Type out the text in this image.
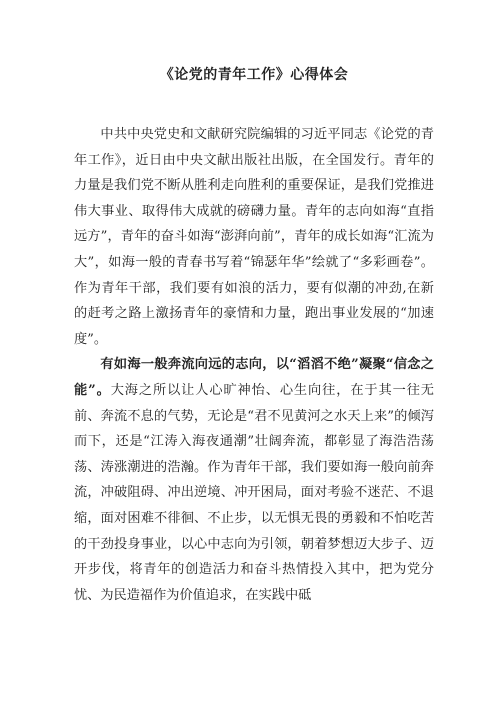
《论党的青年工作》心得体会

中共中央党史和文献研究院编辑的习近平同志《论党的青年工作》，近日由中央文献出版社出版，在全国发行。青年的力量是我们党不断从胜利走向胜利的重要保证，是我们党推进伟大事业、取得伟大成就的磅礴力量。青年的志向如海“直指远方”，青年的奋斗如海“澎湃向前”，青年的成长如海“汇流为大”，如海一般的青春书写着“锦瑟年华”绘就了“多彩画卷”。作为青年干部，我们要有如浪的活力，要有似潮的冲劲,在新的赶考之路上激扬青年的豪情和力量，跑出事业发展的“加速度”。

有如海一般奔流向远的志向，以“滔滔不绝”凝聚“信念之能”。大海之所以让人心旷神怡、心生向往，在于其一往无前、奔流不息的气势，无论是“君不见黄河之水天上来”的倾泻而下，还是“江涛入海夜通潮”壮阔奔流，都彰显了海浩浩荡荡、涛涨潮进的浩瀚。作为青年干部，我们要如海一般向前奔流，冲破阻碍、冲出逆境、冲开困局，面对考验不迷茫、不退缩，面对困难不徘徊、不止步，以无惧无畏的勇毅和不怕吃苦的干劲投身事业，以心中志向为引领，朝着梦想迈大步子、迈开步伐，将青年的创造活力和奋斗热情投入其中，把为党分忧、为民造福作为价值追求，在实践中砥
